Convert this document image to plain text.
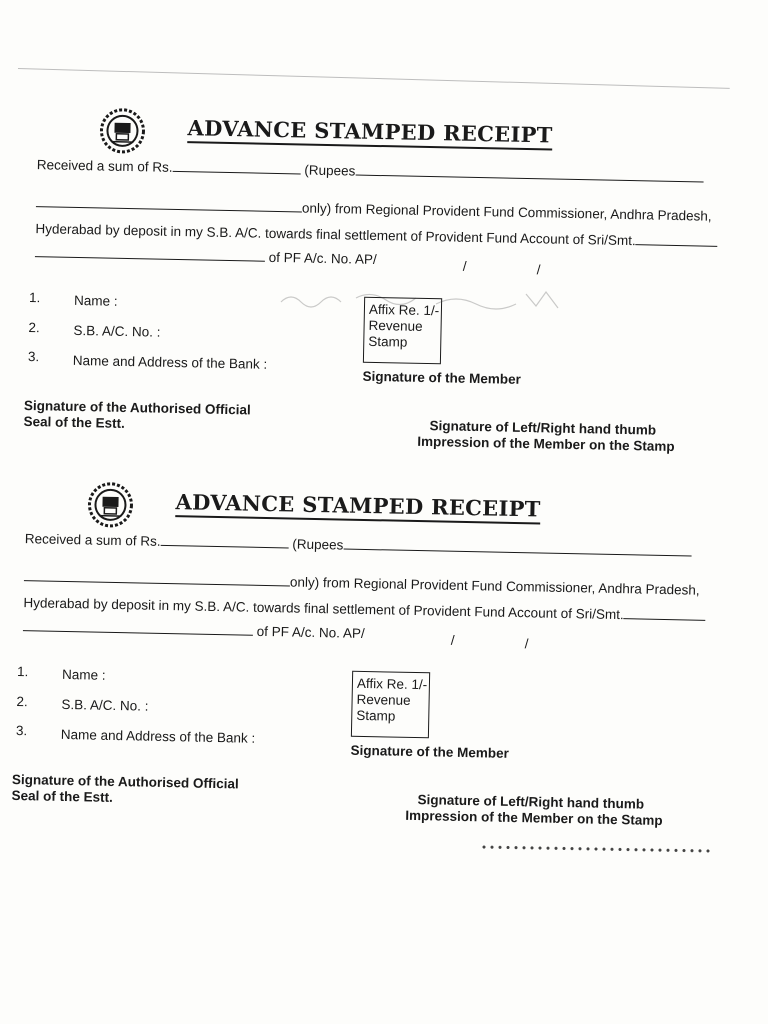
ADVANCE STAMPED RECEIPT
Received a sum of Rs.	(Rupees
only) from Regional Provident Fund Commissioner, Andhra Pradesh,
Hyderabad by deposit in my S.B. A/C. towards final settlement of Provident Fund Account of Sri/Smt.
of PF A/c. No. AP/	/	/
1. Name :
2. S.B. A/C. No. :
3. Name and Address of the Bank :
Affix Re. 1/-
Revenue
Stamp
Signature of the Member
Signature of the Authorised Official
Seal of the Estt.	Signature of Left/Right hand thumb
Impression of the Member on the Stamp
ADVANCE STAMPED RECEIPT
Received a sum of Rs.	(Rupees
only) from Regional Provident Fund Commissioner, Andhra Pradesh,
Hyderabad by deposit in my S.B. A/C. towards final settlement of Provident Fund Account of Sri/Smt.
of PF A/c. No. AP/	/	/
1. Name :
2. S.B. A/C. No. :
3. Name and Address of the Bank :
Affix Re. 1/-
Revenue
Stamp
Signature of the Member
Signature of the Authorised Official
Seal of the Estt.	Signature of Left/Right hand thumb
Impression of the Member on the Stamp
